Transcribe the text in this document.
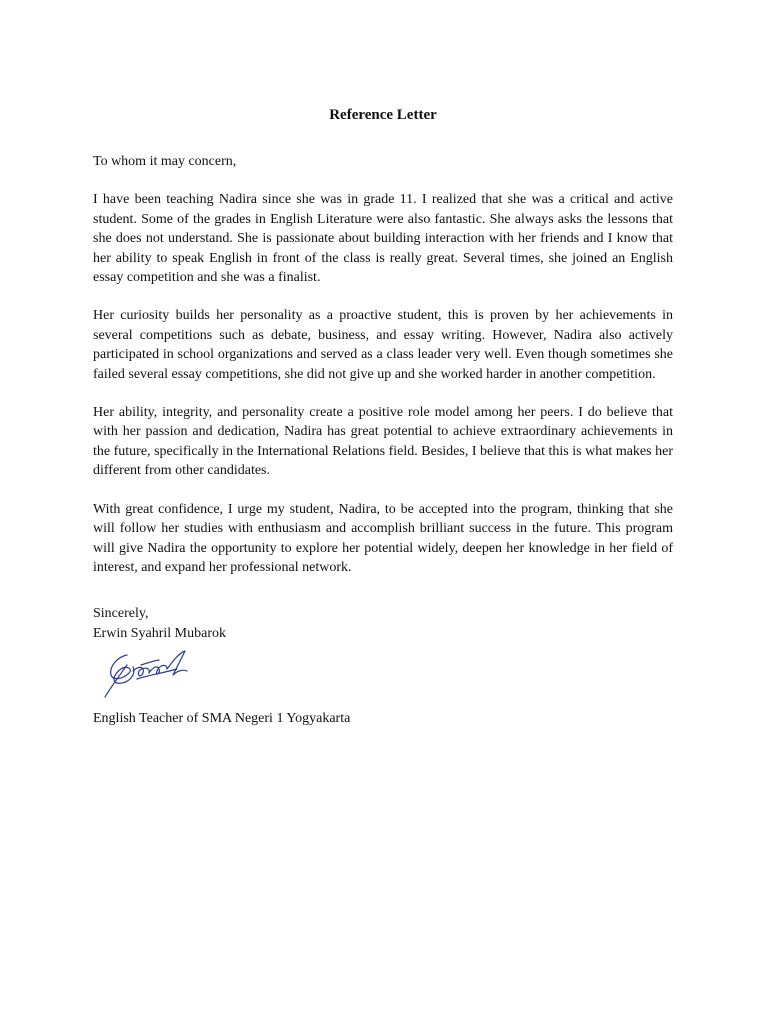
Reference Letter
To whom it may concern,

I have been teaching Nadira since she was in grade 11. I realized that she was a critical and active student. Some of the grades in English Literature were also fantastic. She always asks the lessons that she does not understand. She is passionate about building interaction with her friends and I know that her ability to speak English in front of the class is really great. Several times, she joined an English essay competition and she was a finalist.

Her curiosity builds her personality as a proactive student, this is proven by her achievements in several competitions such as debate, business, and essay writing. However, Nadira also actively participated in school organizations and served as a class leader very well. Even though sometimes she failed several essay competitions, she did not give up and she worked harder in another competition.

Her ability, integrity, and personality create a positive role model among her peers. I do believe that with her passion and dedication, Nadira has great potential to achieve extraordinary achievements in the future, specifically in the International Relations field. Besides, I believe that this is what makes her different from other candidates.

With great confidence, I urge my student, Nadira, to be accepted into the program, thinking that she will follow her studies with enthusiasm and accomplish brilliant success in the future. This program will give Nadira the opportunity to explore her potential widely, deepen her knowledge in her field of interest, and expand her professional network.

Sincerely,
Erwin Syahril Mubarok
English Teacher of SMA Negeri 1 Yogyakarta
